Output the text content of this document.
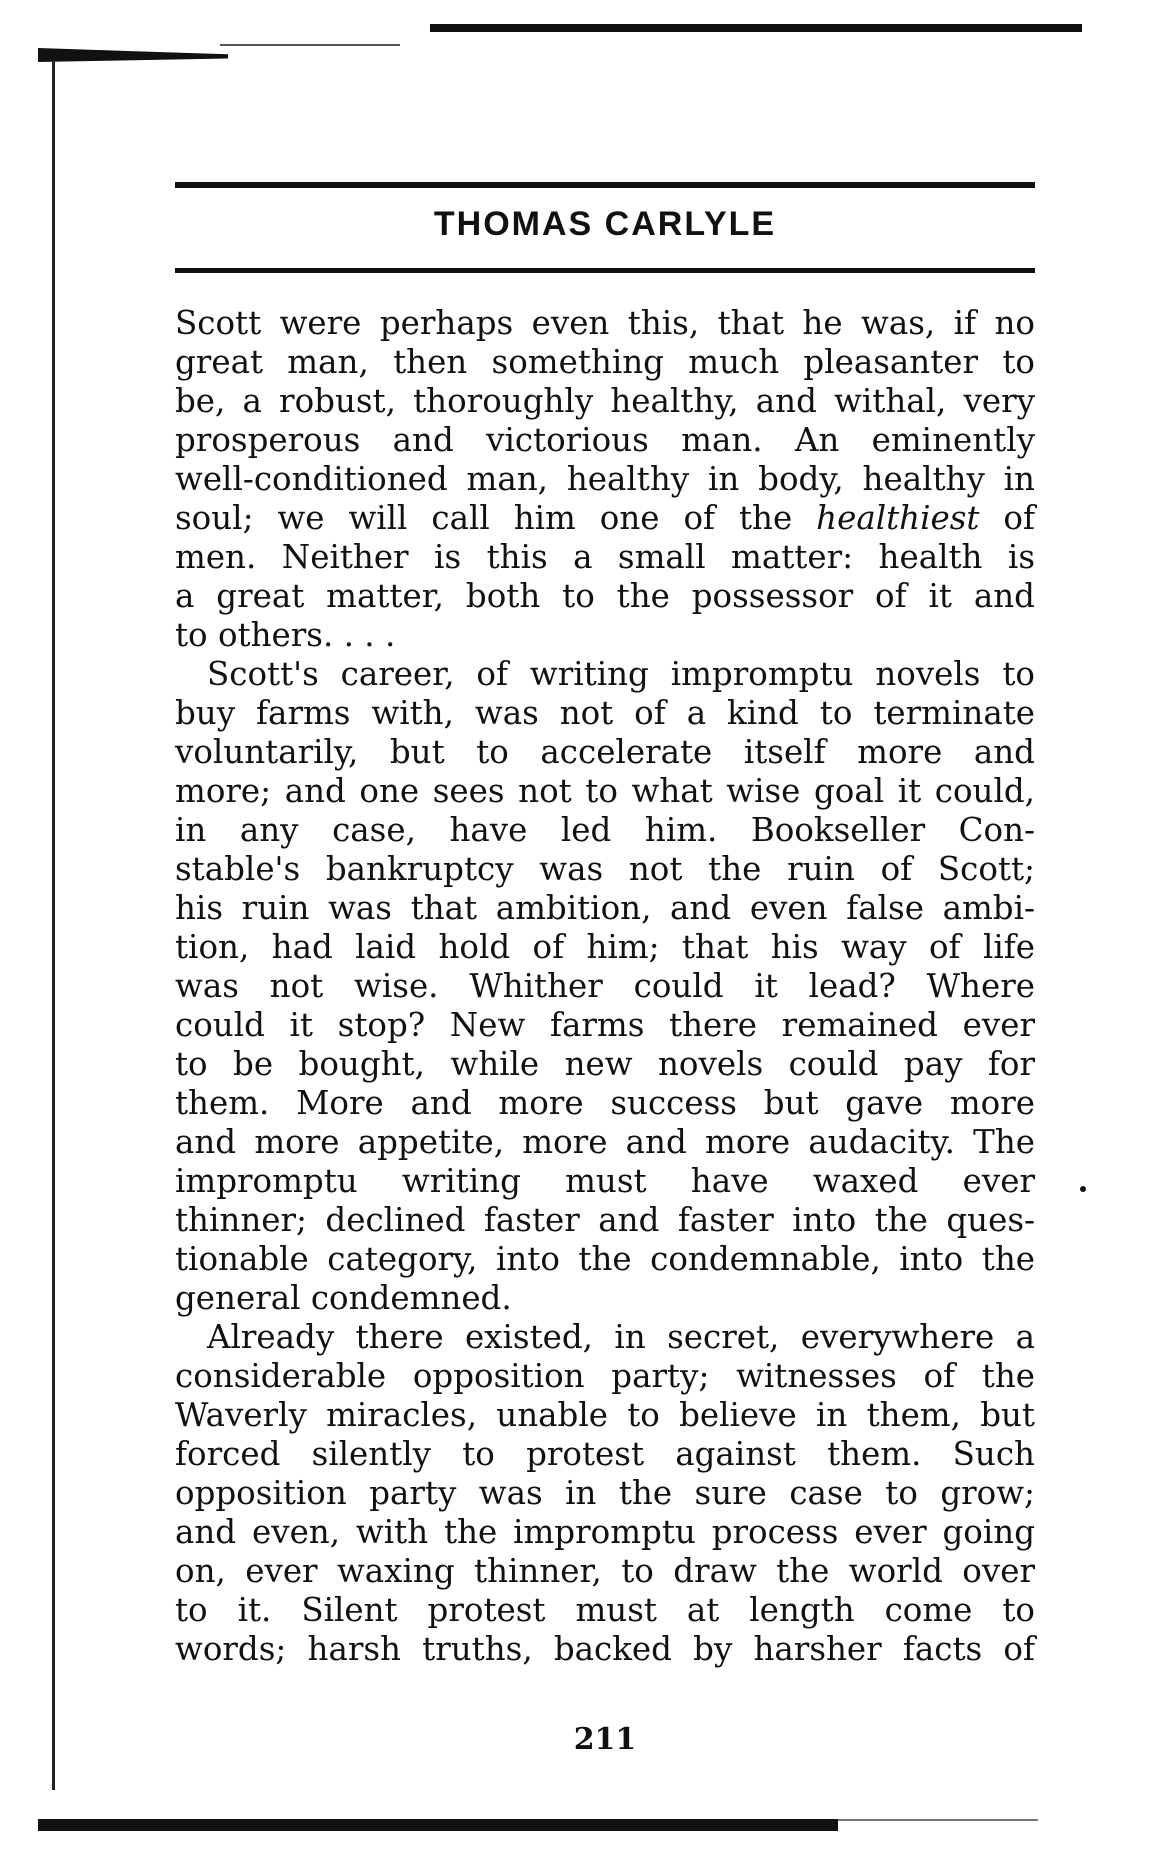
THOMAS CARLYLE
Scott were perhaps even this, that he was, if no
great man, then something much pleasanter to
be, a robust, thoroughly healthy, and withal, very
prosperous and victorious man. An eminently
well-conditioned man, healthy in body, healthy in
soul; we will call him one of the healthiest of
men. Neither is this a small matter: health is
a great matter, both to the possessor of it and
to others. . . .
Scott's career, of writing impromptu novels to
buy farms with, was not of a kind to terminate
voluntarily, but to accelerate itself more and
more; and one sees not to what wise goal it could,
in any case, have led him. Bookseller Con-
stable's bankruptcy was not the ruin of Scott;
his ruin was that ambition, and even false ambi-
tion, had laid hold of him; that his way of life
was not wise. Whither could it lead? Where
could it stop? New farms there remained ever
to be bought, while new novels could pay for
them. More and more success but gave more
and more appetite, more and more audacity. The
impromptu writing must have waxed ever
thinner; declined faster and faster into the ques-
tionable category, into the condemnable, into the
general condemned.
Already there existed, in secret, everywhere a
considerable opposition party; witnesses of the
Waverly miracles, unable to believe in them, but
forced silently to protest against them. Such
opposition party was in the sure case to grow;
and even, with the impromptu process ever going
on, ever waxing thinner, to draw the world over
to it. Silent protest must at length come to
words; harsh truths, backed by harsher facts of
211
